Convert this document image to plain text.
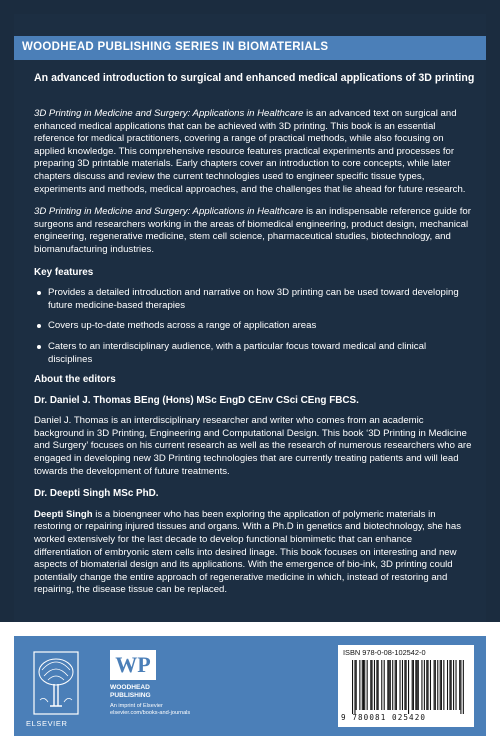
WOODHEAD PUBLISHING SERIES IN BIOMATERIALS
An advanced introduction to surgical and enhanced medical applications of 3D printing

3D Printing in Medicine and Surgery: Applications in Healthcare is an advanced text on surgical and enhanced medical applications that can be achieved with 3D printing. This book is an essential reference for medical practitioners, covering a range of practical methods, while also focusing on applied knowledge. This comprehensive resource features practical experiments and processes for preparing 3D printable materials. Early chapters cover an introduction to core concepts, while later chapters discuss and review the current technologies used to engineer specific tissue types, experiments and methods, medical approaches, and the challenges that lie ahead for future research.

3D Printing in Medicine and Surgery: Applications in Healthcare is an indispensable reference guide for surgeons and researchers working in the areas of biomedical engineering, product design, mechanical engineering, regenerative medicine, stem cell science, pharmaceutical studies, biotechnology, and biomanufacturing industries.

Key features
Provides a detailed introduction and narrative on how 3D printing can be used toward developing future medicine-based therapies
Covers up-to-date methods across a range of application areas
Caters to an interdisciplinary audience, with a particular focus toward medical and clinical disciplines
About the editors
Dr. Daniel J. Thomas BEng (Hons) MSc EngD CEnv CSci CEng FBCS.

Daniel J. Thomas is an interdisciplinary researcher and writer who comes from an academic background in 3D Printing, Engineering and Computational Design. This book ‘3D Printing in Medicine and Surgery’ focuses on his current research as well as the research of numerous researchers who are engaged in developing new 3D Printing technologies that are currently treating patients and will lead towards the development of future treatments.

Dr. Deepti Singh MSc PhD.

Deepti Singh is a bioengneer who has been exploring the application of polymeric materials in restoring or repairing injured tissues and organs. With a Ph.D in genetics and biotechnology, she has worked extensively for the last decade to develop functional biomimetic that can enhance differentiation of embryonic stem cells into desired linage. This book focuses on interesting and new aspects of biomaterial design and its applications. With the emergence of bio-ink, 3D printing could potentially change the entire approach of regenerative medicine in which, instead of restoring and repairing, the disease tissue can be replaced.

ELSEVIER
WP
WOODHEAD
PUBLISHING
An imprint of Elsevier
elsevier.com/books-and-journals
ISBN 978-0-08-102542-0
9 780081 025420
